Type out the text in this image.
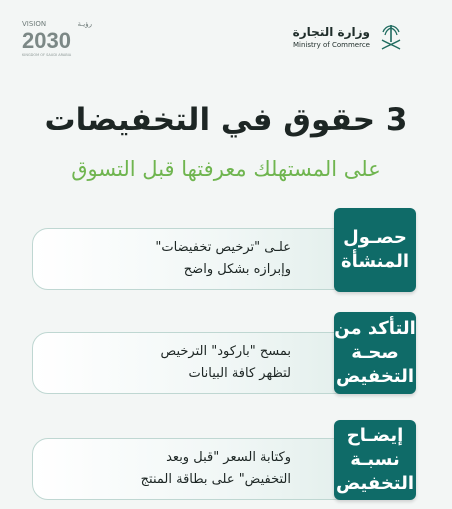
وزارة التجارة
Ministry of Commerce
VISION	رؤيـة
2030
KINGDOM OF SAUDI ARABIA
3 حقوق في التخفيضات
على المستهلك معرفتها قبل التسوق
علـى "ترخيص تخفيضات"
وإبرازه بشكل واضح
حصـول
المنشأة
بمسح "باركود" الترخيص
لتظهر كافة البيانات
التأكد من
صحـة
التخفيض
وكتابة السعر "قبل وبعد
التخفيض" على بطاقة المنتج
إيضـاح
نسبـة
التخفيض
